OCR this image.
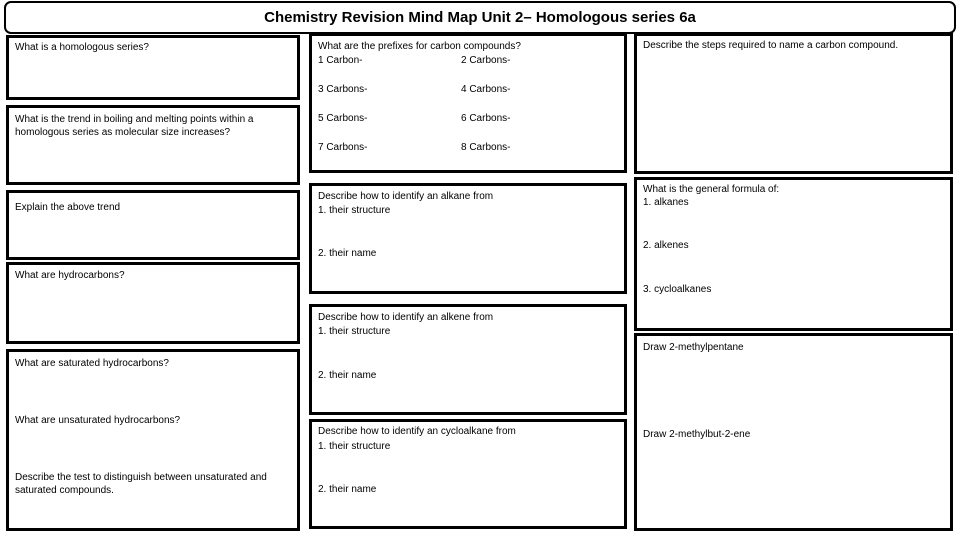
Chemistry Revision Mind Map Unit 2– Homologous series 6a
What is a homologous series?
What is the trend in boiling and melting points within a homologous series as molecular size increases?
Explain the above trend
What are hydrocarbons?
What are saturated hydrocarbons?
What are unsaturated hydrocarbons?
Describe the test to distinguish between unsaturated and saturated compounds.
What are the prefixes for carbon compounds?
1 Carbon-	2 Carbons-
3 Carbons-	4 Carbons-
5 Carbons-	6 Carbons-
7 Carbons-	8 Carbons-
Describe how to identify an alkane from
1. their structure
2. their name
Describe how to identify an alkene from
1. their structure
2. their name
Describe how to identify an cycloalkane from
1. their structure
2. their name
Describe the steps required to name a carbon compound.
What is the general formula of:
1. alkanes
2. alkenes
3. cycloalkanes
Draw 2-methylpentane
Draw 2-methylbut-2-ene
